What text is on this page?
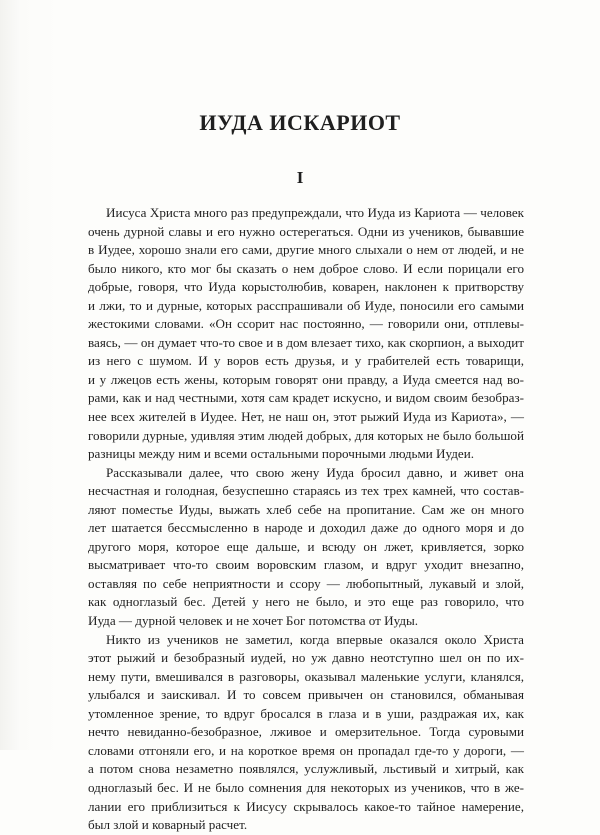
ИУДА ИСКАРИОТ
I
Иисуса Христа много раз предупреждали, что Иуда из Кариота — человек
очень дурной славы и его нужно остерегаться. Одни из учеников, бывавшие
в Иудее, хорошо знали его сами, другие много слыхали о нем от людей, и не
было никого, кто мог бы сказать о нем доброе слово. И если порицали его
добрые, говоря, что Иуда корыстолюбив, коварен, наклонен к притворству
и лжи, то и дурные, которых расспрашивали об Иуде, поносили его самыми
жестокими словами. «Он ссорит нас постоянно, — говорили они, отплевы-
ваясь, — он думает что-то свое и в дом влезает тихо, как скорпион, а выходит
из него с шумом. И у воров есть друзья, и у грабителей есть товарищи,
и у лжецов есть жены, которым говорят они правду, а Иуда смеется над во-
рами, как и над честными, хотя сам крадет искусно, и видом своим безобраз-
нее всех жителей в Иудее. Нет, не наш он, этот рыжий Иуда из Кариота», —
говорили дурные, удивляя этим людей добрых, для которых не было большой
разницы между ним и всеми остальными порочными людьми Иудеи.
Рассказывали далее, что свою жену Иуда бросил давно, и живет она
несчастная и голодная, безуспешно стараясь из тех трех камней, что состав-
ляют поместье Иуды, выжать хлеб себе на пропитание. Сам же он много
лет шатается бессмысленно в народе и доходил даже до одного моря и до
другого моря, которое еще дальше, и всюду он лжет, кривляется, зорко
высматривает что-то своим воровским глазом, и вдруг уходит внезапно,
оставляя по себе неприятности и ссору — любопытный, лукавый и злой,
как одноглазый бес. Детей у него не было, и это еще раз говорило, что
Иуда — дурной человек и не хочет Бог потомства от Иуды.
Никто из учеников не заметил, когда впервые оказался около Христа
этот рыжий и безобразный иудей, но уж давно неотступно шел он по их-
нему пути, вмешивался в разговоры, оказывал маленькие услуги, кланялся,
улыбался и заискивал. И то совсем привычен он становился, обманывая
утомленное зрение, то вдруг бросался в глаза и в уши, раздражая их, как
нечто невиданно-безобразное, лживое и омерзительное. Тогда суровыми
словами отгоняли его, и на короткое время он пропадал где-то у дороги, —
а потом снова незаметно появлялся, услужливый, льстивый и хитрый, как
одноглазый бес. И не было сомнения для некоторых из учеников, что в же-
лании его приблизиться к Иисусу скрывалось какое-то тайное намерение,
был злой и коварный расчет.
